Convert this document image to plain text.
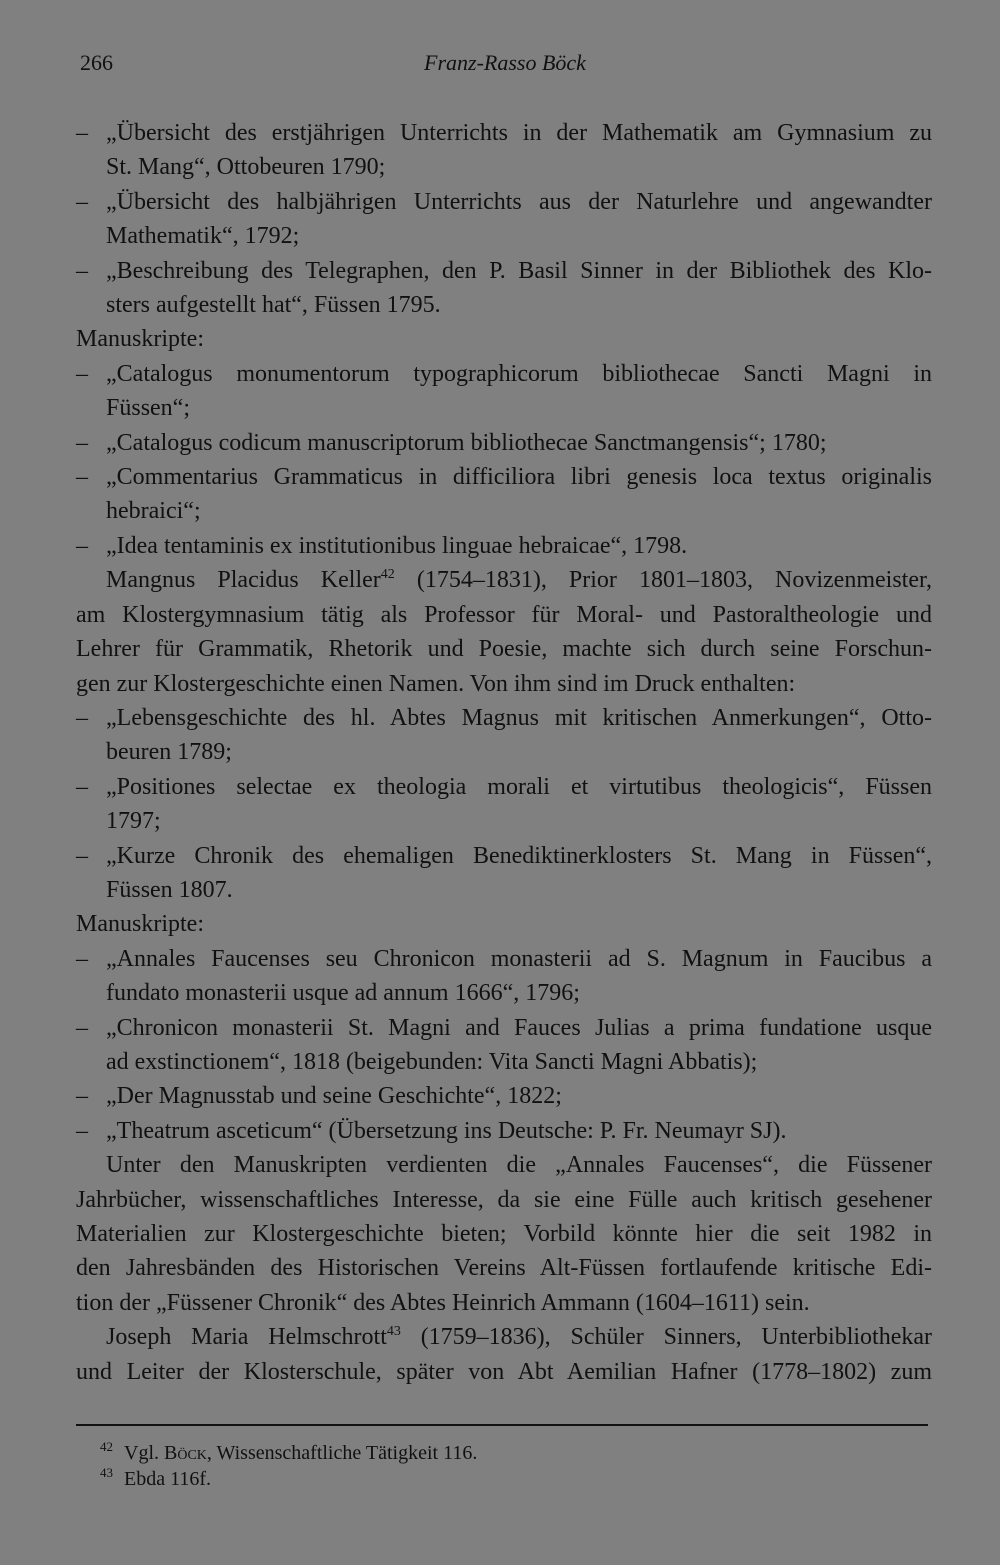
266	Franz-Rasso Böck
– „Übersicht des erstjährigen Unterrichts in der Mathematik am Gymnasium zu

St. Mang“, Ottobeuren 1790;

– „Übersicht des halbjährigen Unterrichts aus der Naturlehre und angewandter

Mathematik“, 1792;

– „Beschreibung des Telegraphen, den P. Basil Sinner in der Bibliothek des Klo-

sters aufgestellt hat“, Füssen 1795.

Manuskripte:

– „Catalogus monumentorum typographicorum bibliothecae Sancti Magni in

Füssen“;

– „Catalogus codicum manuscriptorum bibliothecae Sanctmangensis“; 1780;

– „Commentarius Grammaticus in difficiliora libri genesis loca textus originalis

hebraici“;

– „Idea tentaminis ex institutionibus linguae hebraicae“, 1798.

Mangnus Placidus Keller$^{42}$ (1754–1831), Prior 1801–1803, Novizenmeister,

am Klostergymnasium tätig als Professor für Moral- und Pastoraltheologie und

Lehrer für Grammatik, Rhetorik und Poesie, machte sich durch seine Forschun-

gen zur Klostergeschichte einen Namen. Von ihm sind im Druck enthalten:

– „Lebensgeschichte des hl. Abtes Magnus mit kritischen Anmerkungen“, Otto-

beuren 1789;

– „Positiones selectae ex theologia morali et virtutibus theologicis“, Füssen

1797;

– „Kurze Chronik des ehemaligen Benediktinerklosters St. Mang in Füssen“,

Füssen 1807.

Manuskripte:

– „Annales Faucenses seu Chronicon monasterii ad S. Magnum in Faucibus a

fundato monasterii usque ad annum 1666“, 1796;

– „Chronicon monasterii St. Magni and Fauces Julias a prima fundatione usque

ad exstinctionem“, 1818 (beigebunden: Vita Sancti Magni Abbatis);

– „Der Magnusstab und seine Geschichte“, 1822;

– „Theatrum asceticum“ (Übersetzung ins Deutsche: P. Fr. Neumayr SJ).

Unter den Manuskripten verdienten die „Annales Faucenses“, die Füssener

Jahrbücher, wissenschaftliches Interesse, da sie eine Fülle auch kritisch gesehener

Materialien zur Klostergeschichte bieten; Vorbild könnte hier die seit 1982 in

den Jahresbänden des Historischen Vereins Alt-Füssen fortlaufende kritische Edi-

tion der „Füssener Chronik“ des Abtes Heinrich Ammann (1604–1611) sein.

Joseph Maria Helmschrott$^{43}$ (1759–1836), Schüler Sinners, Unterbibliothekar

und Leiter der Klosterschule, später von Abt Aemilian Hafner (1778–1802) zum

42 Vgl. Böck, Wissenschaftliche Tätigkeit 116.
43 Ebda 116f.
